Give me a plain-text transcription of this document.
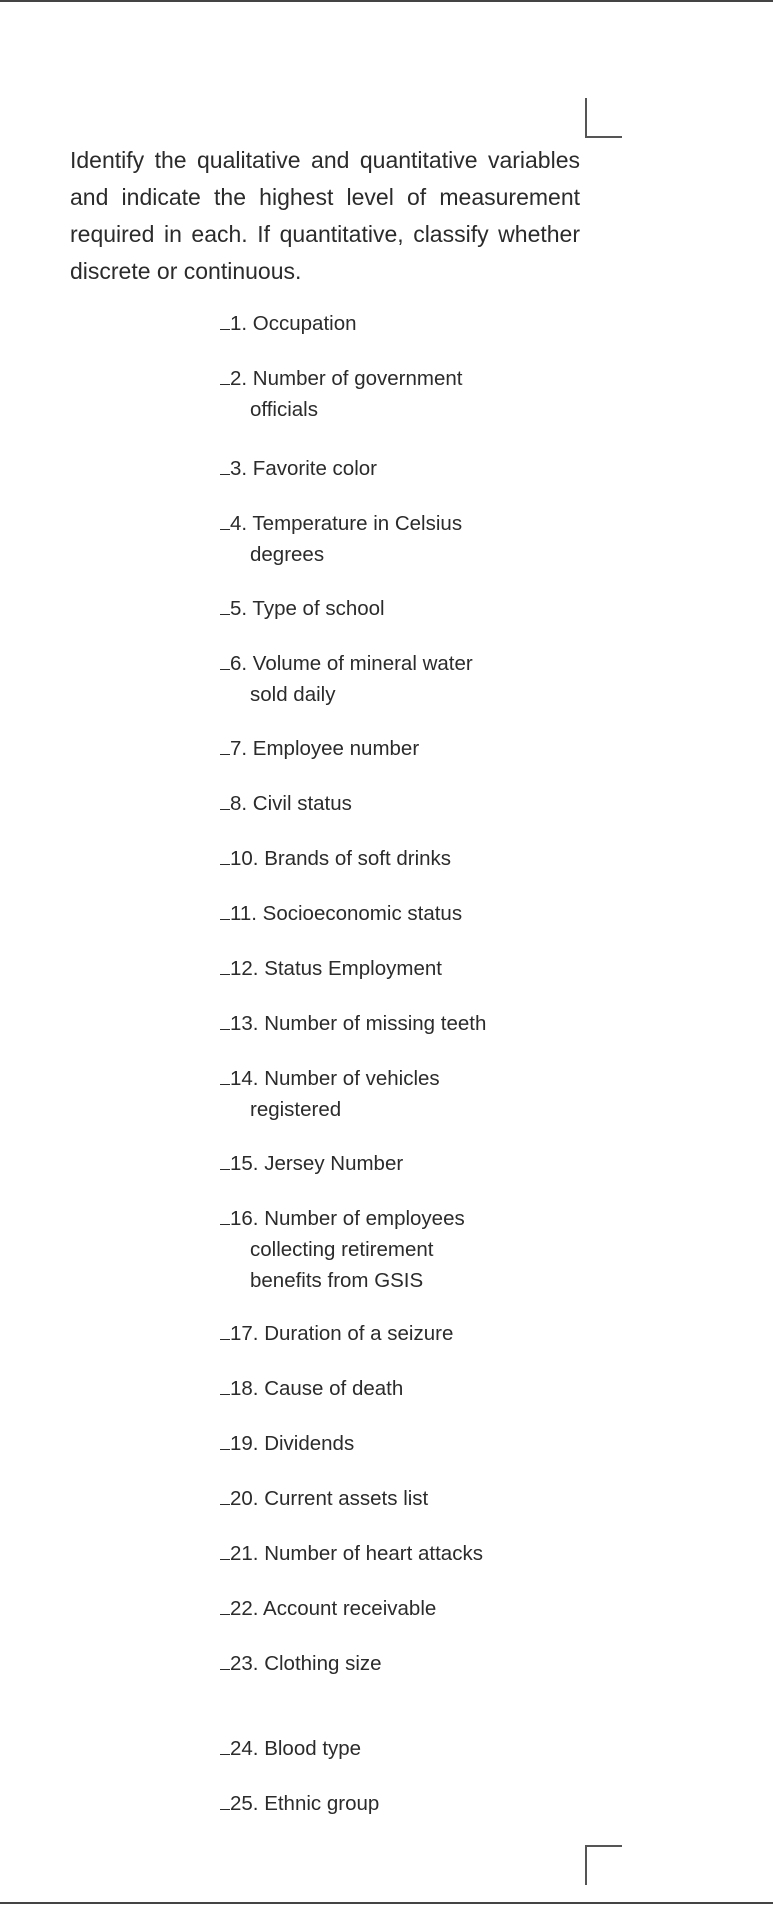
Identify the qualitative and quantitative variables and indicate the highest level of measurement required in each. If quantitative, classify whether discrete or continuous.
1. Occupation
2. Number of government
officials
3. Favorite color
4. Temperature in Celsius
degrees
5. Type of school
6. Volume of mineral water
sold daily
7. Employee number
8. Civil status
10. Brands of soft drinks
11. Socioeconomic status
12. Status Employment
13. Number of missing teeth
14. Number of vehicles
registered
15. Jersey Number
16. Number of employees
collecting retirement
benefits from GSIS
17. Duration of a seizure
18. Cause of death
19. Dividends
20. Current assets list
21. Number of heart attacks
22. Account receivable
23. Clothing size
24. Blood type
25. Ethnic group
